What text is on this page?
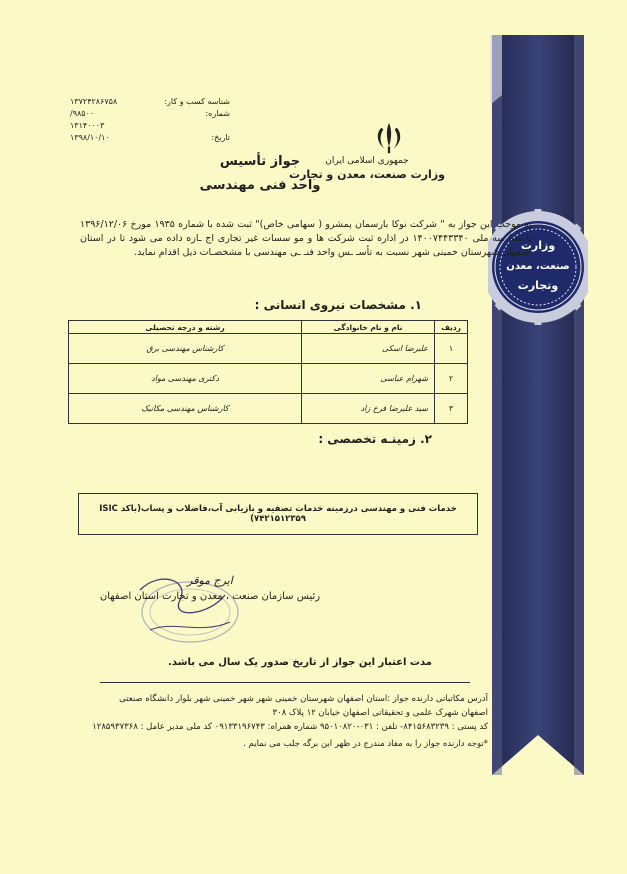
شناسه کسب و کار:
۱۳۷۲۴۲۸۶۷۵۸
شماره:
۹۸۵۰۰/
۱۳۱۴۰۰۰۳
تاریخ:
۱۳۹۸/۱۰/۱۰
جمهوری اسلامی ایران
وزارت صنعت، معدن و تجارت
جواز تأسیس
واحد فنی مهندسی
وزارت
صنعت، معدن
وتجارت

به موجب این جواز به " شرکت نوکا بارسمان پمشرو ( سهامی خاص)" ثبت شده با شماره ۱۹۳۵ مورخ ۱۳۹۶/۱۲/۰۶ با شنا سه ملی ۱۴۰۰۷۴۴۳۳۴۰ در اداره ثبت شرکت ها و مو سسات غیر تجاری اج ـازه داده می شود تا در استان اصفهان شهرستان خمینی شهر نسبت به تأسـ ـس واحد فنـ ـی مهندسی با مشخصـات ذیل اقدام نماید.

۱. مشخصات نیروی انسانی :
ردیف	نام و نام خانوادگی	رشته و درجه تحصیلی
۱	علیرضا اسکی	کارشناس مهندسی برق
۲	شهرام عباسی	دکتری مهندسی مواد
۳	سید علیرضا فرخ زاد	کارشناس مهندسی مکانیک
۲. زمینـه تخصصی :
خدمات فنی و مهندسی درزمینه خدمات تصفیه و بازیابی آب،فاضلاب و پساب(باکد ISIC ۷۴۲۱۵۱۲۳۵۹)
ایرج موقر
رئیس سازمان صنعت ، معدن و تجارت استان اصفهان
مدت اعتبار این جواز از تاریخ صدور یک سال می باشد.
آدرس مکاتباتی دارنده جواز :استان اصفهان شهرستان خمینی شهر شهر خمینی شهر بلوار دانشگاه صنعتی
اصفهان شهرک علمی و تحقیقاتی اصفهان خیابان ۱۲ پلاک ۳۰۸
کد پستی : ۸۴۱۵۶۸۳۲۳۹- تلفن : ۰۳۱-۹۵۰۱۰۸۲۰ شماره همراه: ۰۹۱۳۳۱۹۶۷۴۳ کد ملی مدیر عامل : ۱۲۸۵۹۳۷۳۶۸
*توجه دارنده جواز را به مفاد مندرج در ظهر این برگه جلب می نمایم .
